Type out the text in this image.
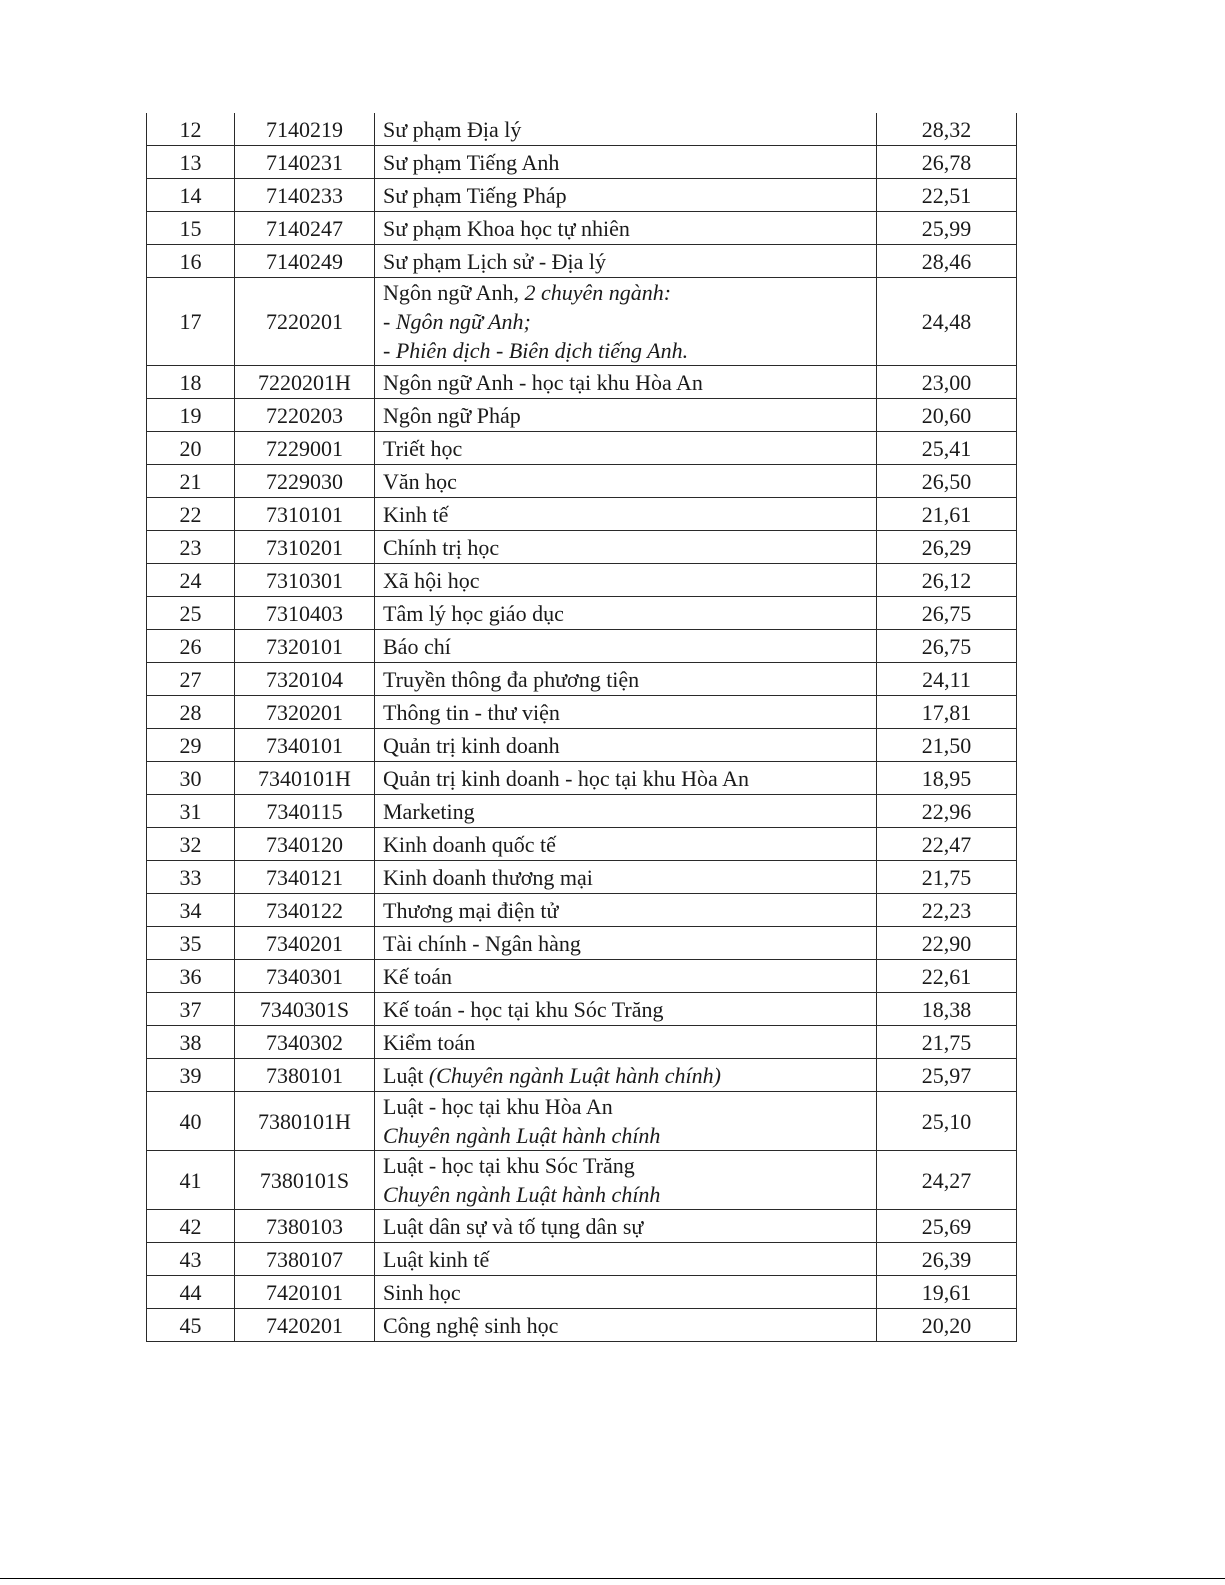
12	7140219	Sư phạm Địa lý	28,32
13	7140231	Sư phạm Tiếng Anh	26,78
14	7140233	Sư phạm Tiếng Pháp	22,51
15	7140247	Sư phạm Khoa học tự nhiên	25,99
16	7140249	Sư phạm Lịch sử - Địa lý	28,46
17	7220201	Ngôn ngữ Anh, 2 chuyên ngành:
- Ngôn ngữ Anh;
- Phiên dịch - Biên dịch tiếng Anh.	24,48
18	7220201H	Ngôn ngữ Anh - học tại khu Hòa An	23,00
19	7220203	Ngôn ngữ Pháp	20,60
20	7229001	Triết học	25,41
21	7229030	Văn học	26,50
22	7310101	Kinh tế	21,61
23	7310201	Chính trị học	26,29
24	7310301	Xã hội học	26,12
25	7310403	Tâm lý học giáo dục	26,75
26	7320101	Báo chí	26,75
27	7320104	Truyền thông đa phương tiện	24,11
28	7320201	Thông tin - thư viện	17,81
29	7340101	Quản trị kinh doanh	21,50
30	7340101H	Quản trị kinh doanh - học tại khu Hòa An	18,95
31	7340115	Marketing	22,96
32	7340120	Kinh doanh quốc tế	22,47
33	7340121	Kinh doanh thương mại	21,75
34	7340122	Thương mại điện tử	22,23
35	7340201	Tài chính - Ngân hàng	22,90
36	7340301	Kế toán	22,61
37	7340301S	Kế toán - học tại khu Sóc Trăng	18,38
38	7340302	Kiểm toán	21,75
39	7380101	Luật (Chuyên ngành Luật hành chính)	25,97
40	7380101H	Luật - học tại khu Hòa An
Chuyên ngành Luật hành chính	25,10
41	7380101S	Luật - học tại khu Sóc Trăng
Chuyên ngành Luật hành chính	24,27
42	7380103	Luật dân sự và tố tụng dân sự	25,69
43	7380107	Luật kinh tế	26,39
44	7420101	Sinh học	19,61
45	7420201	Công nghệ sinh học	20,20
